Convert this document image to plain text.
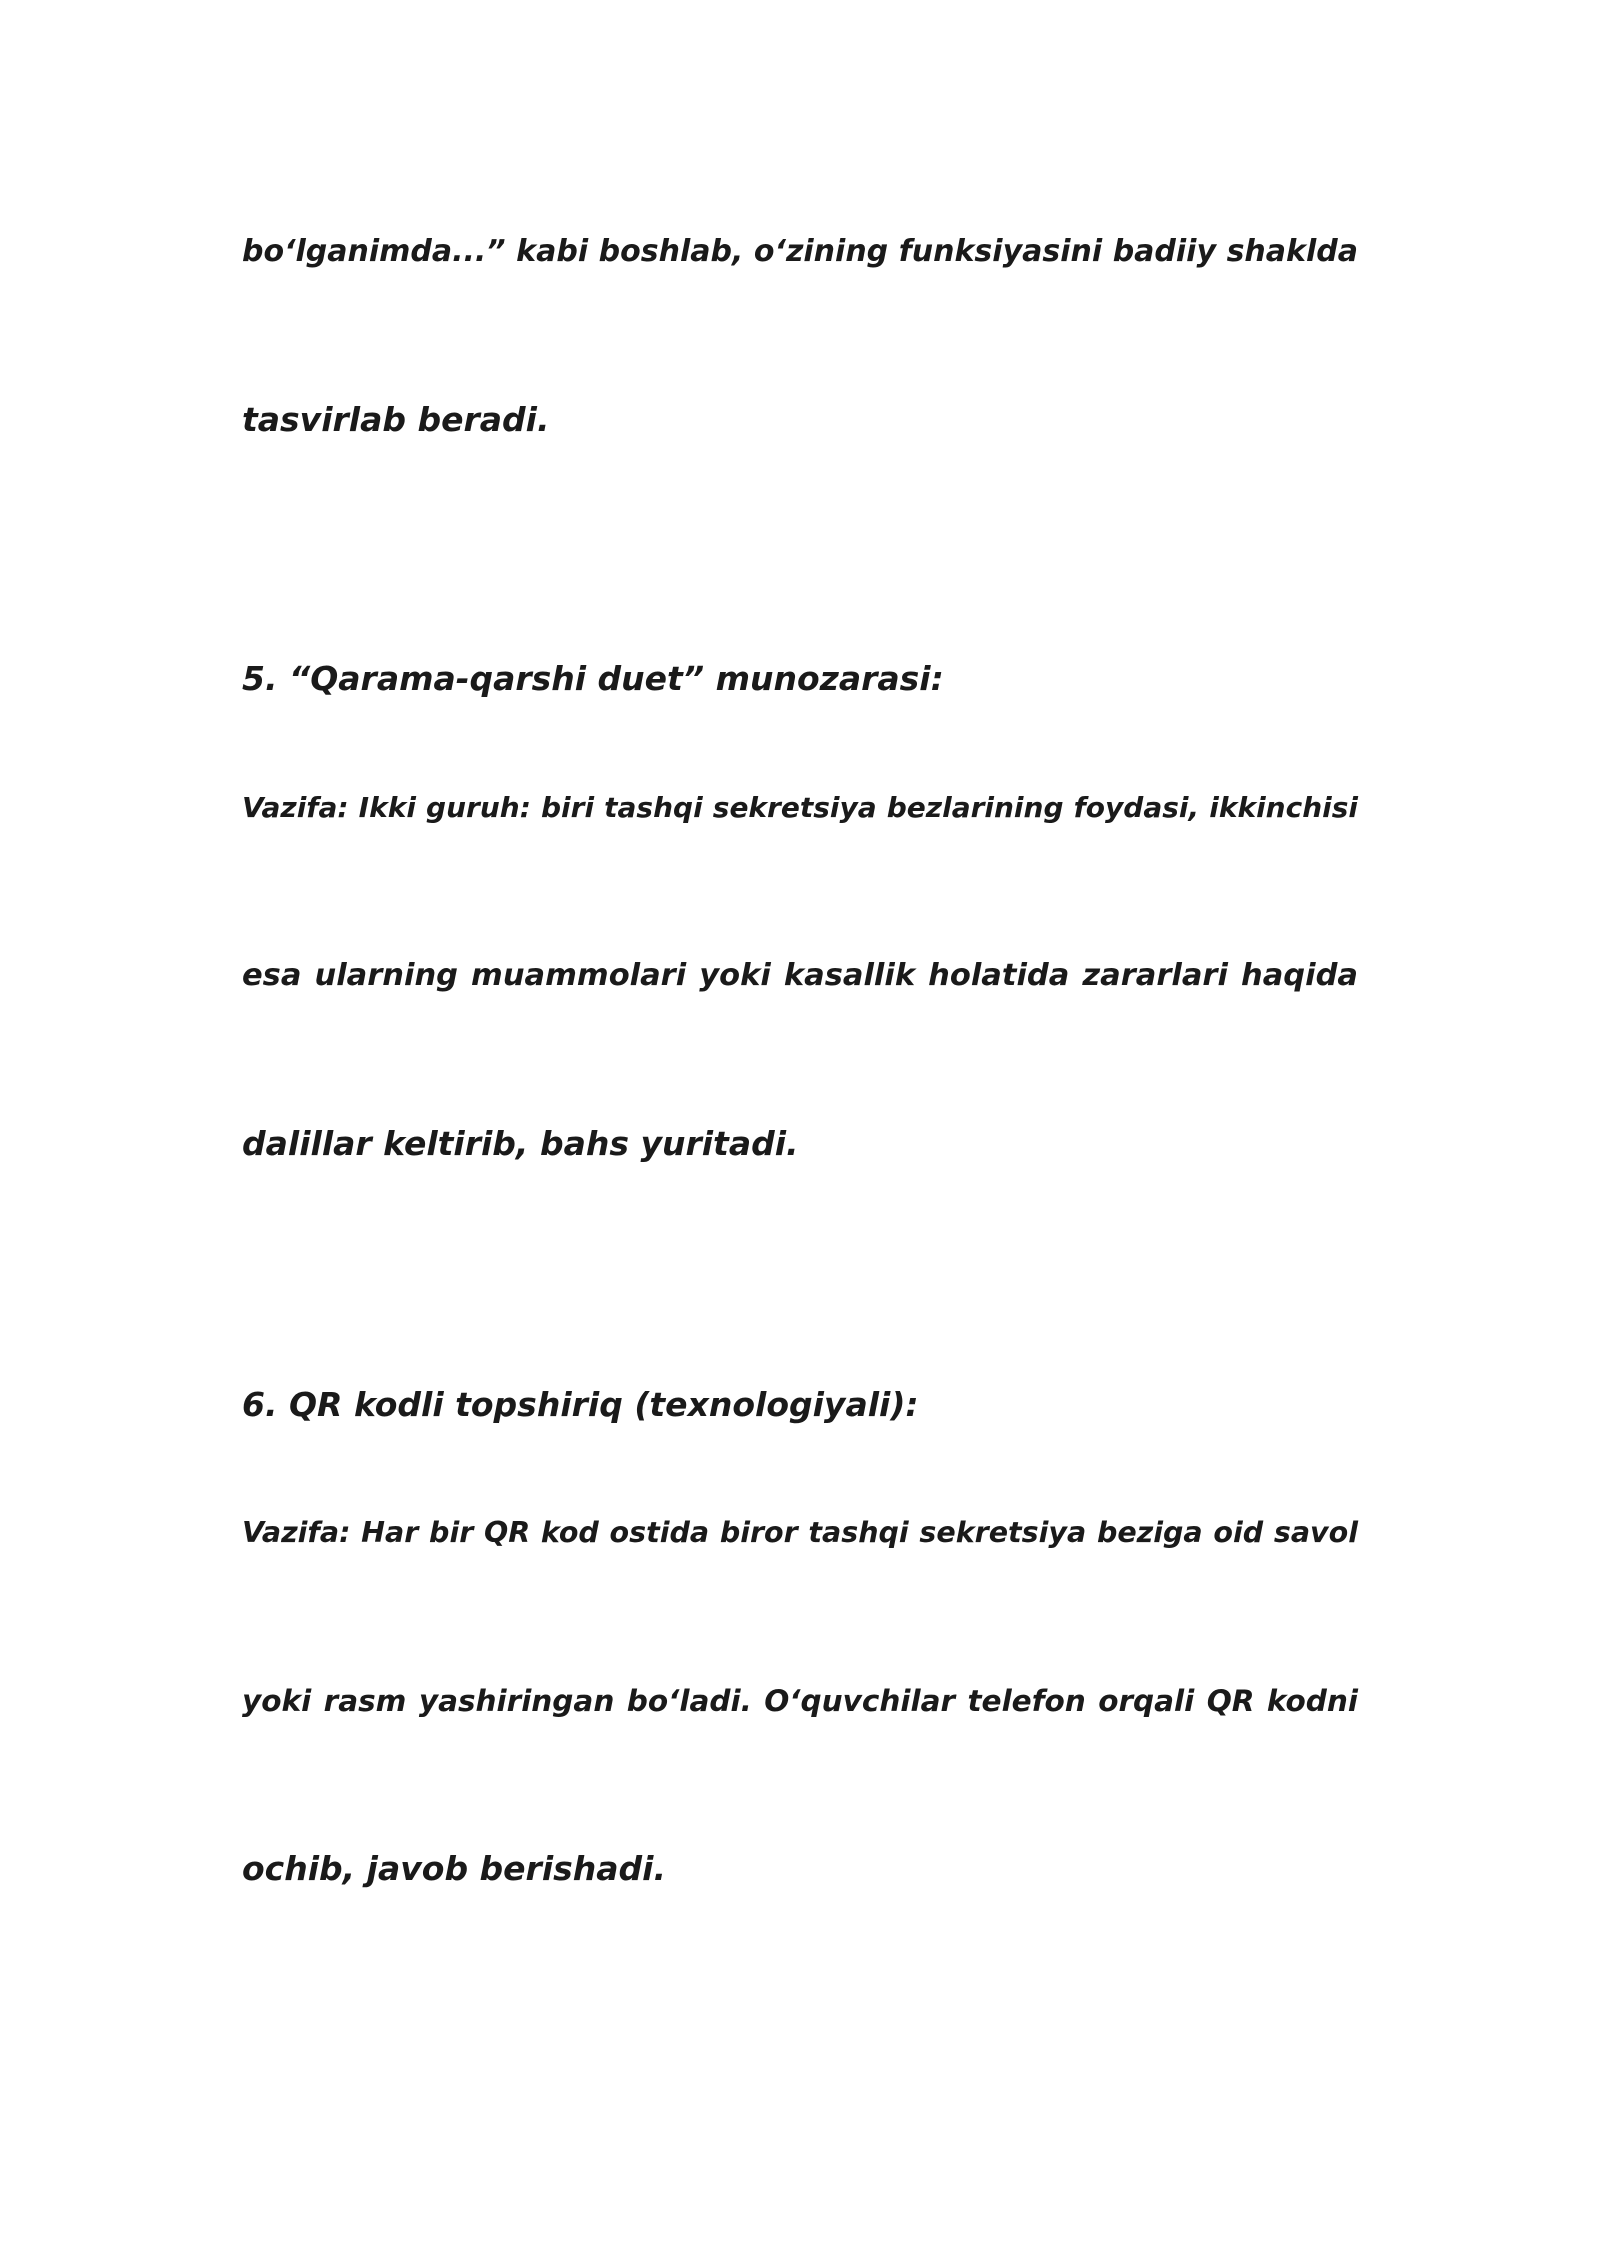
bo‘lganimda...” kabi boshlab, o‘zining funksiyasini badiiy shaklda
tasvirlab beradi.
5. “Qarama-qarshi duet” munozarasi:
Vazifa: Ikki guruh: biri tashqi sekretsiya bezlarining foydasi, ikkinchisi
esa ularning muammolari yoki kasallik holatida zararlari haqida
dalillar keltirib, bahs yuritadi.
6. QR kodli topshiriq (texnologiyali):
Vazifa: Har bir QR kod ostida biror tashqi sekretsiya beziga oid savol
yoki rasm yashiringan bo‘ladi. O‘quvchilar telefon orqali QR kodni
ochib, javob berishadi.
